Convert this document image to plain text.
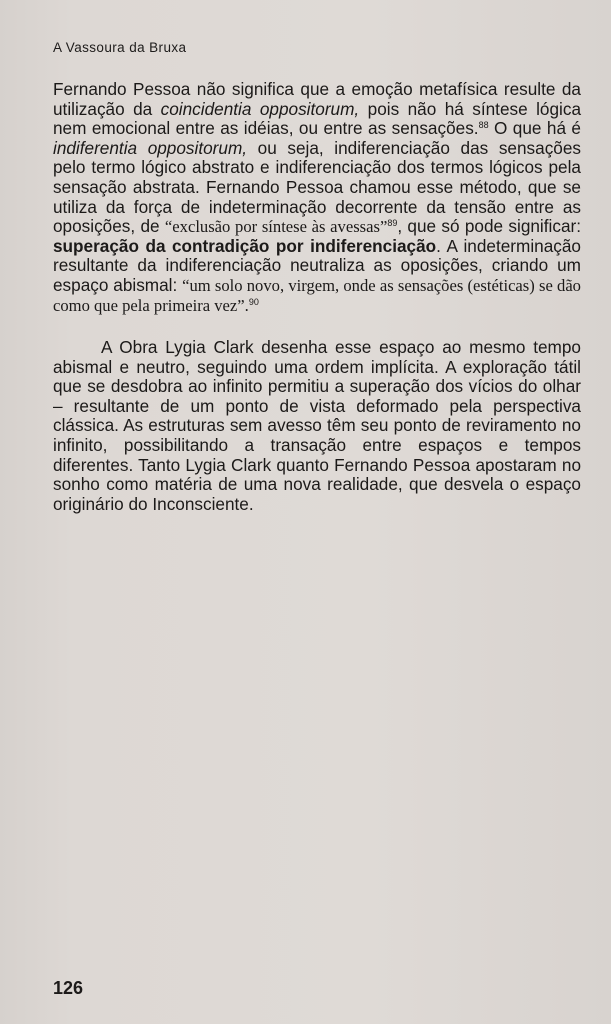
A Vassoura da Bruxa

Fernando Pessoa não significa que a emoção metafísica resulte da utilização da coincidentia oppositorum, pois não há síntese lógica nem emocional entre as idéias, ou entre as sensações.$^{88}$ O que há é indiferentia oppositorum, ou seja, indiferenciação das sensações pelo termo lógico abstrato e indiferenciação dos termos lógicos pela sensação abstrata. Fernando Pessoa chamou esse método, que se utiliza da força de indeterminação decorrente da tensão entre as oposições, de “exclusão por síntese às avessas”$^{89}$, que só pode significar: superação da contradição por indiferenciação. A indeterminação resultante da indiferenciação neutraliza as oposições, criando um espaço abismal: “um solo novo, virgem, onde as sensações (estéticas) se dão como que pela primeira vez”.$^{90}$

A Obra Lygia Clark desenha esse espaço ao mesmo tempo abismal e neutro, seguindo uma ordem implícita. A exploração tátil que se desdobra ao infinito permitiu a superação dos vícios do olhar – resultante de um ponto de vista deformado pela perspectiva clássica. As estruturas sem avesso têm seu ponto de reviramento no infinito, possibilitando a transação entre espaços e tempos diferentes. Tanto Lygia Clark quanto Fernando Pessoa apostaram no sonho como matéria de uma nova realidade, que desvela o espaço originário do Inconsciente.

126
